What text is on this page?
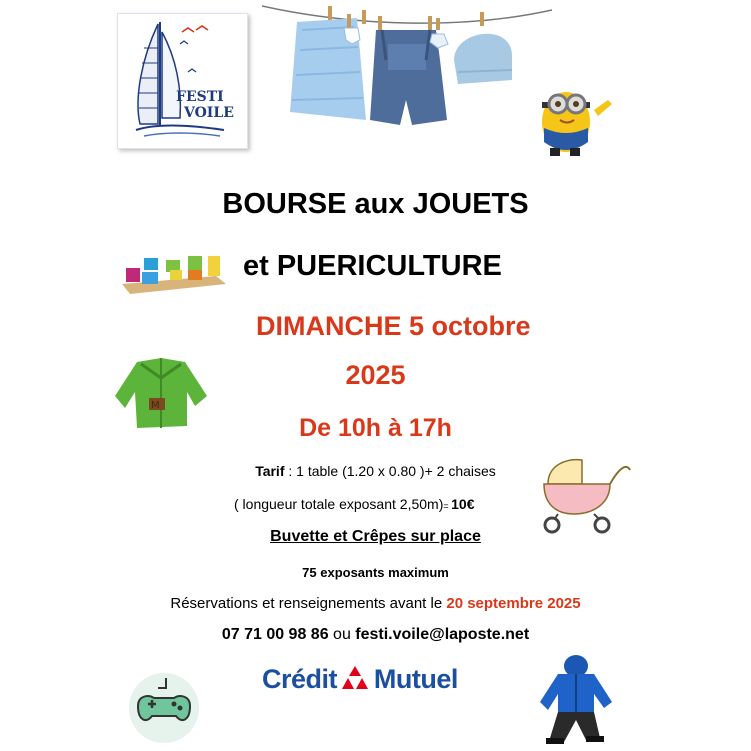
FESTI
VOILE
BOURSE aux JOUETS
et PUERICULTURE
DIMANCHE 5 octobre
2025
M
De 10h à 17h
Tarif : 1 table (1.20 x 0.80 )+ 2 chaises
( longueur totale exposant 2,50m)= 10€
Buvette et Crêpes sur place
75 exposants maximum
Réservations et renseignements avant le 20 septembre 2025
07 71 00 98 86 ou festi.voile@laposte.net
Crédit Mutuel
